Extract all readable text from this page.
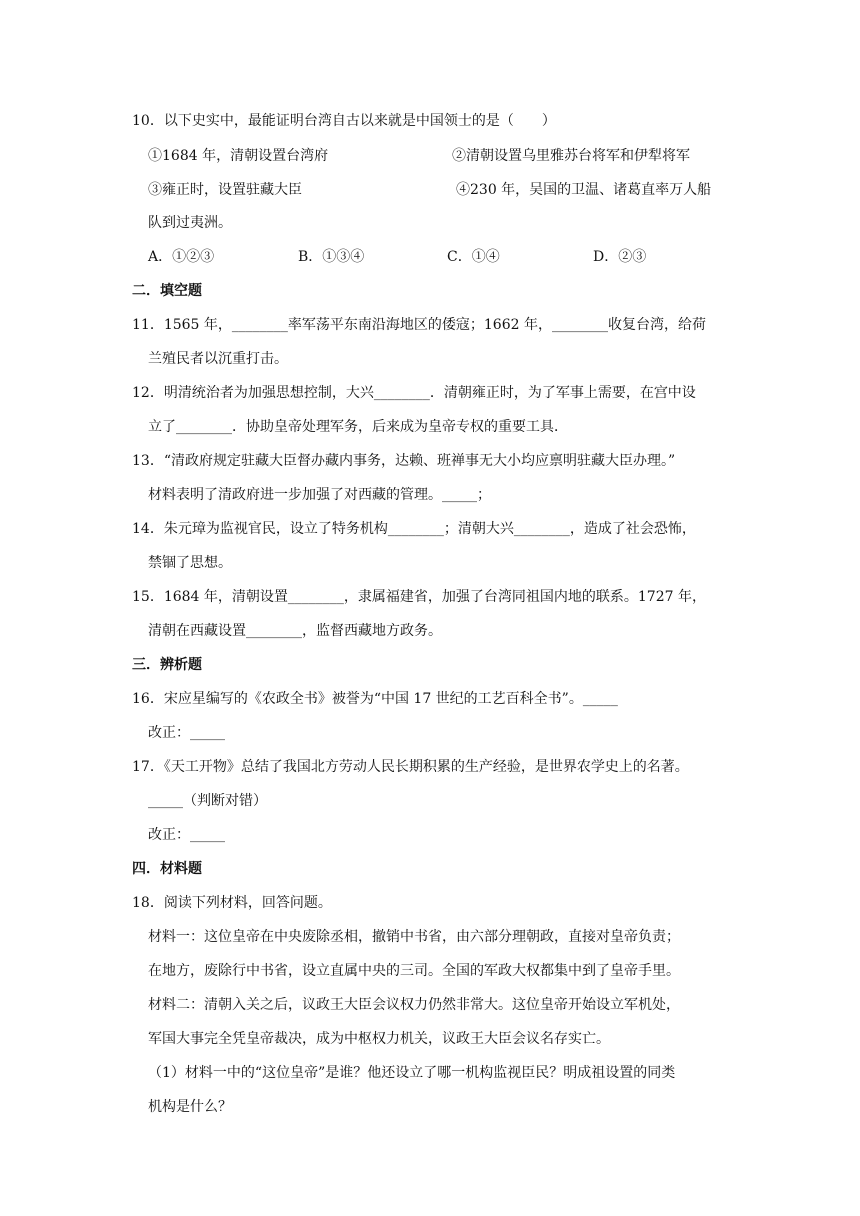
10．以下史实中，最能证明台湾自古以来就是中国领士的是（　　）
①1684 年，清朝设置台湾府	②清朝设置乌里雅苏台将军和伊犁将军
③雍正时，设置驻藏大臣	④230 年，吴国的卫温、诸葛直率万人船
队到过夷洲。
A．①②③	B．①③④	C．①④	D．②③
二．填空题
11．1565 年，________率军荡平东南沿海地区的倭寇；1662 年，________收复台湾，给荷
兰殖民者以沉重打击。
12．明清统治者为加强思想控制，大兴________．清朝雍正时，为了军事上需要，在宫中设
立了________．协助皇帝处理军务，后来成为皇帝专权的重要工具．
13．“清政府规定驻藏大臣督办藏内事务，达赖、班禅事无大小均应禀明驻藏大臣办理。”
材料表明了清政府进一步加强了对西藏的管理。_____；
14．朱元璋为监视官民，设立了特务机构________；清朝大兴________，造成了社会恐怖，
禁锢了思想。
15．1684 年，清朝设置________，隶属福建省，加强了台湾同祖国内地的联系。1727 年，
清朝在西藏设置________，监督西藏地方政务。
三．辨析题
16．宋应星编写的《农政全书》被誉为“中国 17 世纪的工艺百科全书”。_____
改正：_____
17．《天工开物》总结了我国北方劳动人民长期积累的生产经验，是世界农学史上的名著。
_____（判断对错）
改正：_____
四．材料题
18．阅读下列材料，回答问题。
材料一：这位皇帝在中央废除丞相，撤销中书省，由六部分理朝政，直接对皇帝负责；
在地方，废除行中书省，设立直属中央的三司。全国的军政大权都集中到了皇帝手里。
材料二：清朝入关之后，议政王大臣会议权力仍然非常大。这位皇帝开始设立军机处，
军国大事完全凭皇帝裁决，成为中枢权力机关，议政王大臣会议名存实亡。
（1）材料一中的“这位皇帝”是谁？他还设立了哪一机构监视臣民？明成祖设置的同类
机构是什么？
